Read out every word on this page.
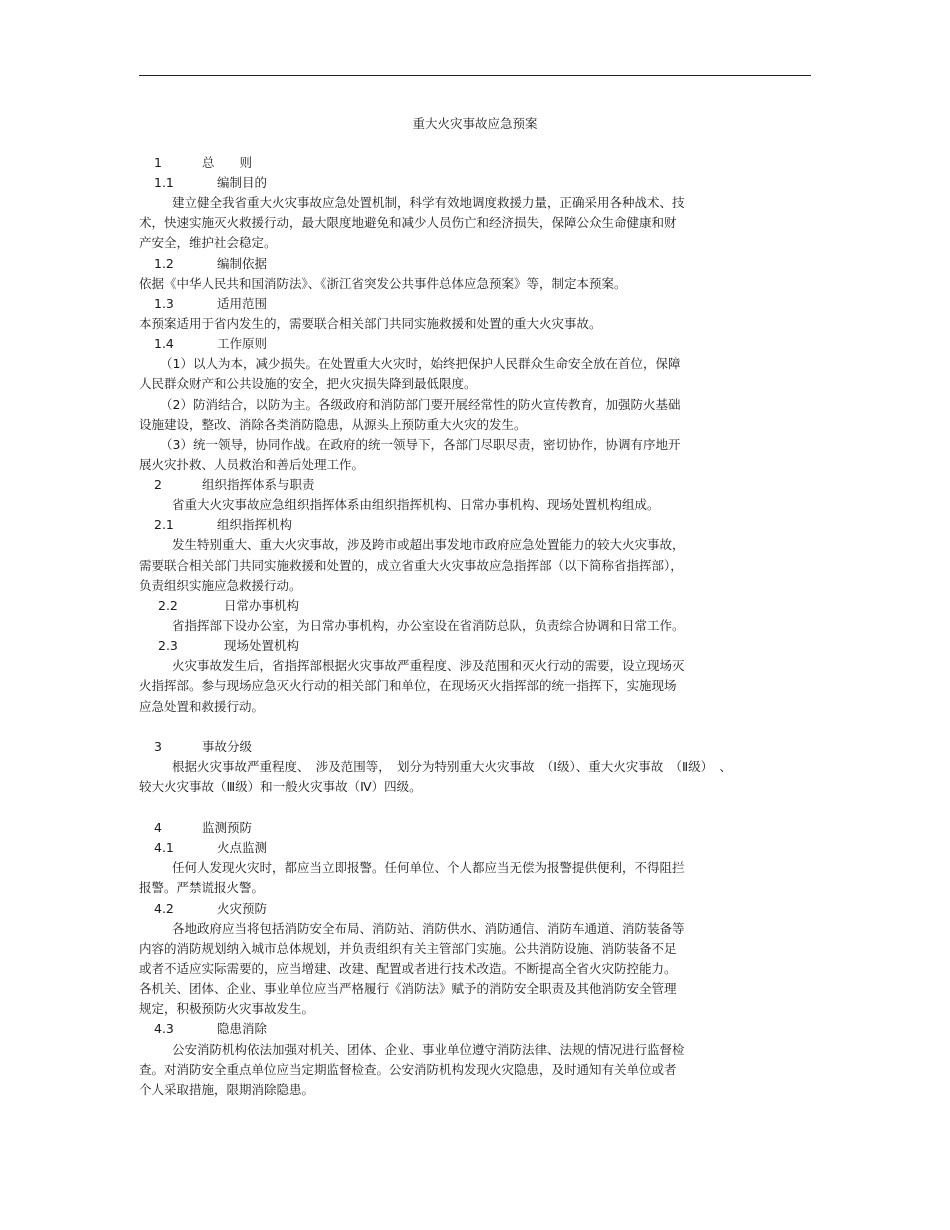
重大火灾事故应急预案
1	总　　则
1.1	编制目的
建立健全我省重大火灾事故应急处置机制，科学有效地调度救援力量，正确采用各种战术、技
术，快速实施灭火救援行动，最大限度地避免和减少人员伤亡和经济损失，保障公众生命健康和财
产安全，维护社会稳定。
1.2	编制依据
依据《中华人民共和国消防法》、《浙江省突发公共事件总体应急预案》等，制定本预案。
1.3	适用范围
本预案适用于省内发生的，需要联合相关部门共同实施救援和处置的重大火灾事故。
1.4	工作原则
（1）以人为本，减少损失。在处置重大火灾时，始终把保护人民群众生命安全放在首位，保障
人民群众财产和公共设施的安全，把火灾损失降到最低限度。
（2）防消结合，以防为主。各级政府和消防部门要开展经常性的防火宣传教育，加强防火基础
设施建设，整改、消除各类消防隐患，从源头上预防重大火灾的发生。
（3）统一领导，协同作战。在政府的统一领导下，各部门尽职尽责，密切协作，协调有序地开
展火灾扑救、人员救治和善后处理工作。
2	组织指挥体系与职责
省重大火灾事故应急组织指挥体系由组织指挥机构、日常办事机构、现场处置机构组成。
2.1	组织指挥机构
发生特别重大、重大火灾事故，涉及跨市或超出事发地市政府应急处置能力的较大火灾事故，
需要联合相关部门共同实施救援和处置的，成立省重大火灾事故应急指挥部（以下简称省指挥部），
负责组织实施应急救援行动。
2.2	日常办事机构
省指挥部下设办公室，为日常办事机构，办公室设在省消防总队，负责综合协调和日常工作。
2.3	现场处置机构
火灾事故发生后，省指挥部根据火灾事故严重程度、涉及范围和灭火行动的需要，设立现场灭
火指挥部。参与现场应急灭火行动的相关部门和单位，在现场灭火指挥部的统一指挥下，实施现场
应急处置和救援行动。
3	事故分级
根据火灾事故严重程度、　涉及范围等，　划分为特别重大火灾事故　（Ⅰ级）、重大火灾事故　（Ⅱ级）　、
较大火灾事故（Ⅲ级）和一般火灾事故（Ⅳ）四级。
4	监测预防
4.1	火点监测
任何人发现火灾时，都应当立即报警。任何单位、个人都应当无偿为报警提供便利，不得阻拦
报警。严禁谎报火警。
4.2	火灾预防
各地政府应当将包括消防安全布局、消防站、消防供水、消防通信、消防车通道、消防装备等
内容的消防规划纳入城市总体规划，并负责组织有关主管部门实施。公共消防设施、消防装备不足
或者不适应实际需要的，应当增建、改建、配置或者进行技术改造。不断提高全省火灾防控能力。
各机关、团体、企业、事业单位应当严格履行《消防法》赋予的消防安全职责及其他消防安全管理
规定，积极预防火灾事故发生。
4.3	隐患消除
公安消防机构依法加强对机关、团体、企业、事业单位遵守消防法律、法规的情况进行监督检
查。对消防安全重点单位应当定期监督检查。公安消防机构发现火灾隐患，及时通知有关单位或者
个人采取措施，限期消除隐患。
